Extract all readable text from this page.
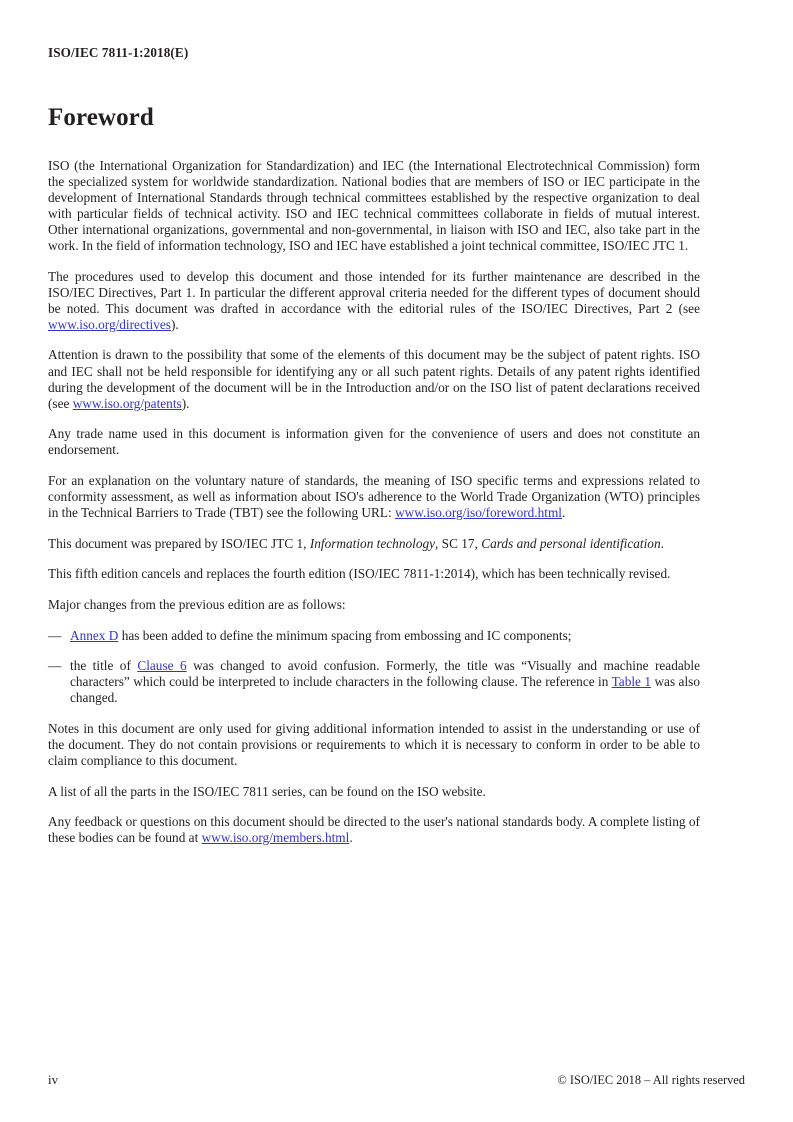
ISO/IEC 7811-1:2018(E)
Foreword

ISO (the International Organization for Standardization) and IEC (the International Electrotechnical Commission) form the specialized system for worldwide standardization. National bodies that are members of ISO or IEC participate in the development of International Standards through technical committees established by the respective organization to deal with particular fields of technical activity. ISO and IEC technical committees collaborate in fields of mutual interest. Other international organizations, governmental and non-governmental, in liaison with ISO and IEC, also take part in the work. In the field of information technology, ISO and IEC have established a joint technical committee, ISO/IEC JTC 1.

The procedures used to develop this document and those intended for its further maintenance are described in the ISO/IEC Directives, Part 1. In particular the different approval criteria needed for the different types of document should be noted. This document was drafted in accordance with the editorial rules of the ISO/IEC Directives, Part 2 (see www.iso.org/directives).

Attention is drawn to the possibility that some of the elements of this document may be the subject of patent rights. ISO and IEC shall not be held responsible for identifying any or all such patent rights. Details of any patent rights identified during the development of the document will be in the Introduction and/or on the ISO list of patent declarations received (see www.iso.org/patents).

Any trade name used in this document is information given for the convenience of users and does not constitute an endorsement.

For an explanation on the voluntary nature of standards, the meaning of ISO specific terms and expressions related to conformity assessment, as well as information about ISO's adherence to the World Trade Organization (WTO) principles in the Technical Barriers to Trade (TBT) see the following URL: www.iso.org/iso/foreword.html.

This document was prepared by ISO/IEC JTC 1, Information technology, SC 17, Cards and personal identification.

This fifth edition cancels and replaces the fourth edition (ISO/IEC 7811-1:2014), which has been technically revised.

Major changes from the previous edition are as follows:

— Annex D has been added to define the minimum spacing from embossing and IC components;
— the title of Clause 6 was changed to avoid confusion. Formerly, the title was “Visually and machine readable characters” which could be interpreted to include characters in the following clause. The reference in Table 1 was also changed.

Notes in this document are only used for giving additional information intended to assist in the understanding or use of the document. They do not contain provisions or requirements to which it is necessary to conform in order to be able to claim compliance to this document.

A list of all the parts in the ISO/IEC 7811 series, can be found on the ISO website.

Any feedback or questions on this document should be directed to the user's national standards body. A complete listing of these bodies can be found at www.iso.org/members.html.

iv	© ISO/IEC 2018 – All rights reserved
